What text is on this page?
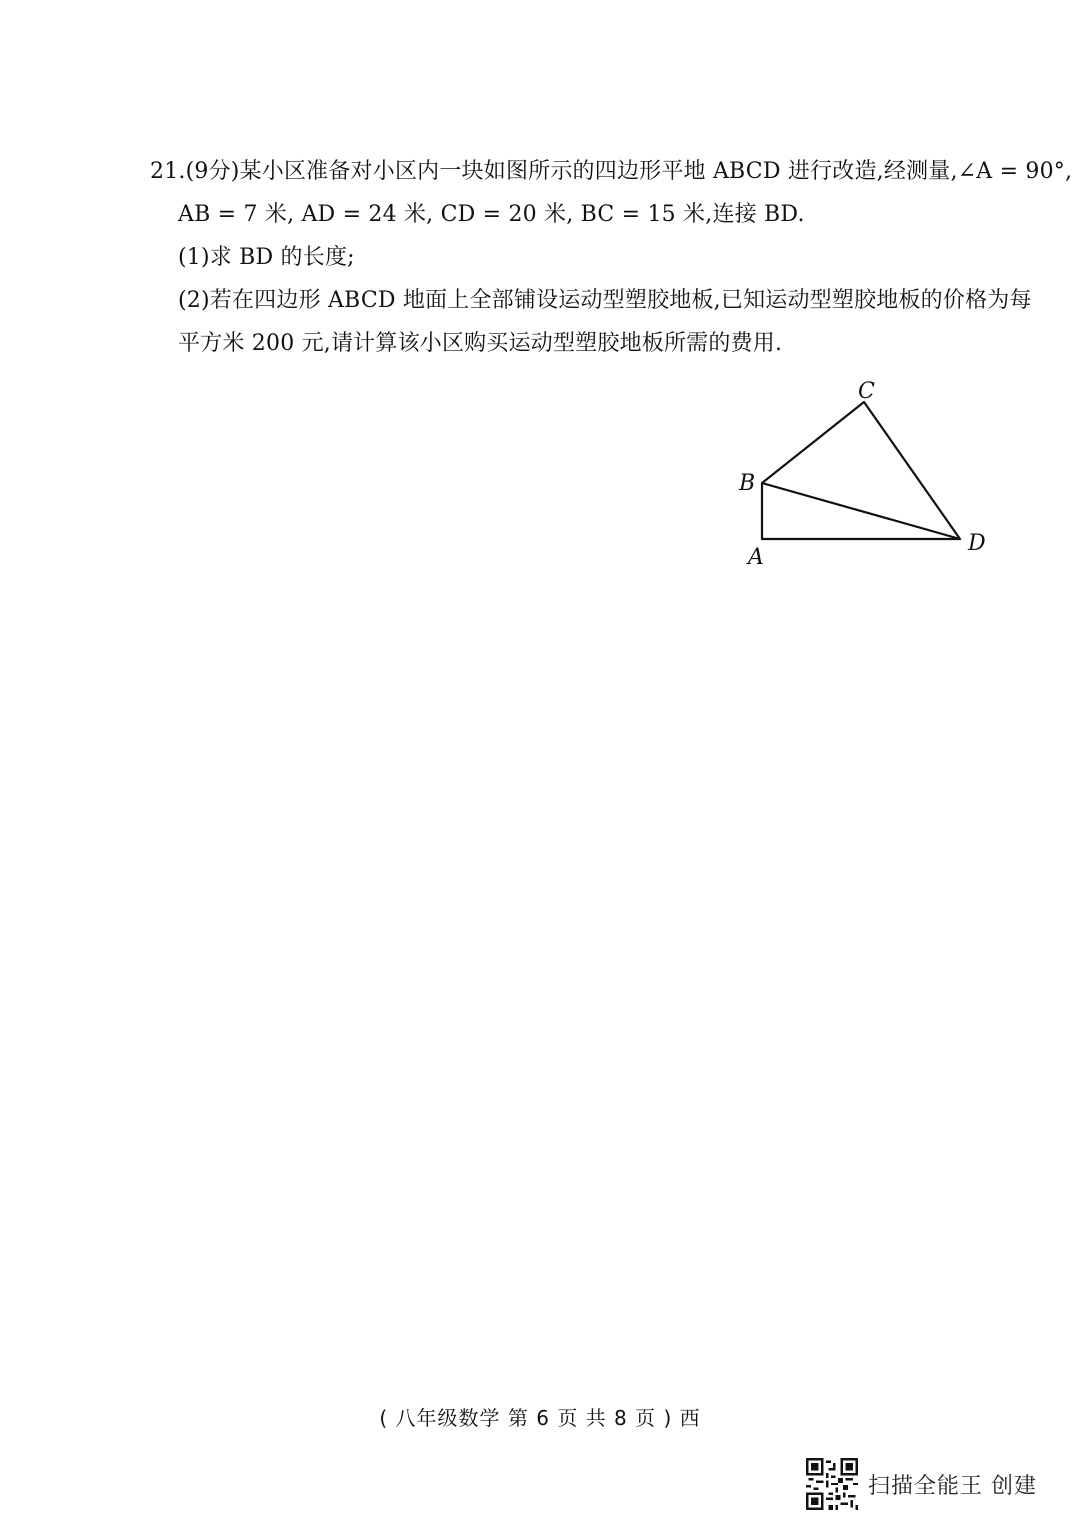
21.(9分)某小区准备对小区内一块如图所示的四边形平地 ABCD 进行改造,经测量,∠A = 90°,
AB = 7 米, AD = 24 米, CD = 20 米, BC = 15 米,连接 BD.
(1)求 BD 的长度;
(2)若在四边形 ABCD 地面上全部铺设运动型塑胶地板,已知运动型塑胶地板的价格为每
平方米 200 元,请计算该小区购买运动型塑胶地板所需的费用.
C
B
A
D
( 八年级数学 第 6 页 共 8 页 ) 西
扫描全能王 创建
